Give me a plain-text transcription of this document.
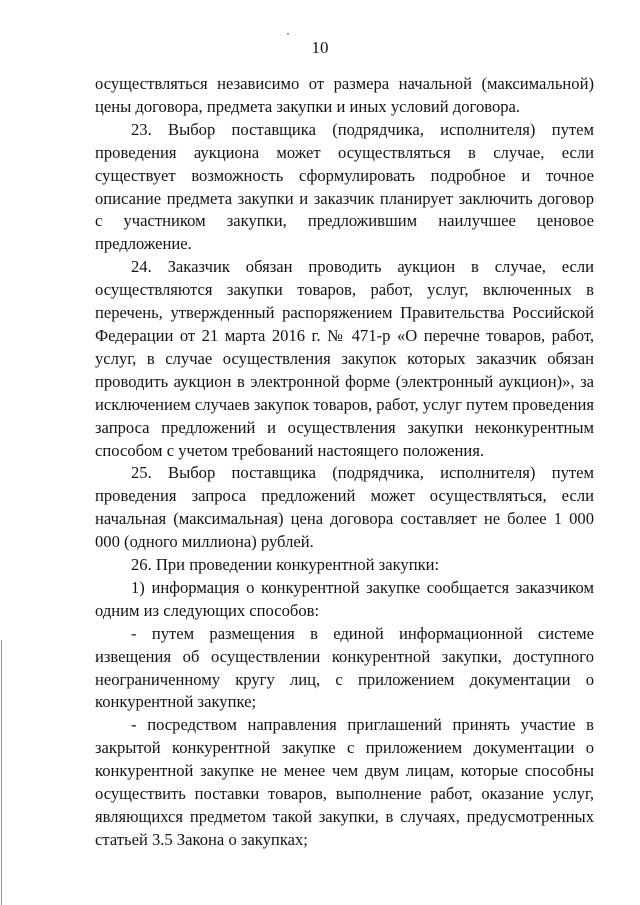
10

осуществляться независимо от размера начальной (максимальной) цены договора, предмета закупки и иных условий договора.

23. Выбор поставщика (подрядчика, исполнителя) путем проведения аукциона может осуществляться в случае, если существует возможность сформулировать подробное и точное описание предмета закупки и заказчик планирует заключить договор с участником закупки, предложившим наилучшее ценовое предложение.

24. Заказчик обязан проводить аукцион в случае, если осуществляются закупки товаров, работ, услуг, включенных в перечень, утвержденный распоряжением Правительства Российской Федерации от 21 марта 2016 г. № 471-р «О перечне товаров, работ, услуг, в случае осуществления закупок которых заказчик обязан проводить аукцион в электронной форме (электронный аукцион)», за исключением случаев закупок товаров, работ, услуг путем проведения запроса предложений и осуществления закупки неконкурентным способом с учетом требований настоящего положения.

25. Выбор поставщика (подрядчика, исполнителя) путем проведения запроса предложений может осуществляться, если начальная (максимальная) цена договора составляет не более 1 000 000 (одного миллиона) рублей.

26. При проведении конкурентной закупки:

1) информация о конкурентной закупке сообщается заказчиком одним из следующих способов:

- путем размещения в единой информационной системе извещения об осуществлении конкурентной закупки, доступного неограниченному кругу лиц, с приложением документации о конкурентной закупке;

- посредством направления приглашений принять участие в закрытой конкурентной закупке с приложением документации о конкурентной закупке не менее чем двум лицам, которые способны осуществить поставки товаров, выполнение работ, оказание услуг, являющихся предметом такой закупки, в случаях, предусмотренных статьей 3.5 Закона о закупках;
